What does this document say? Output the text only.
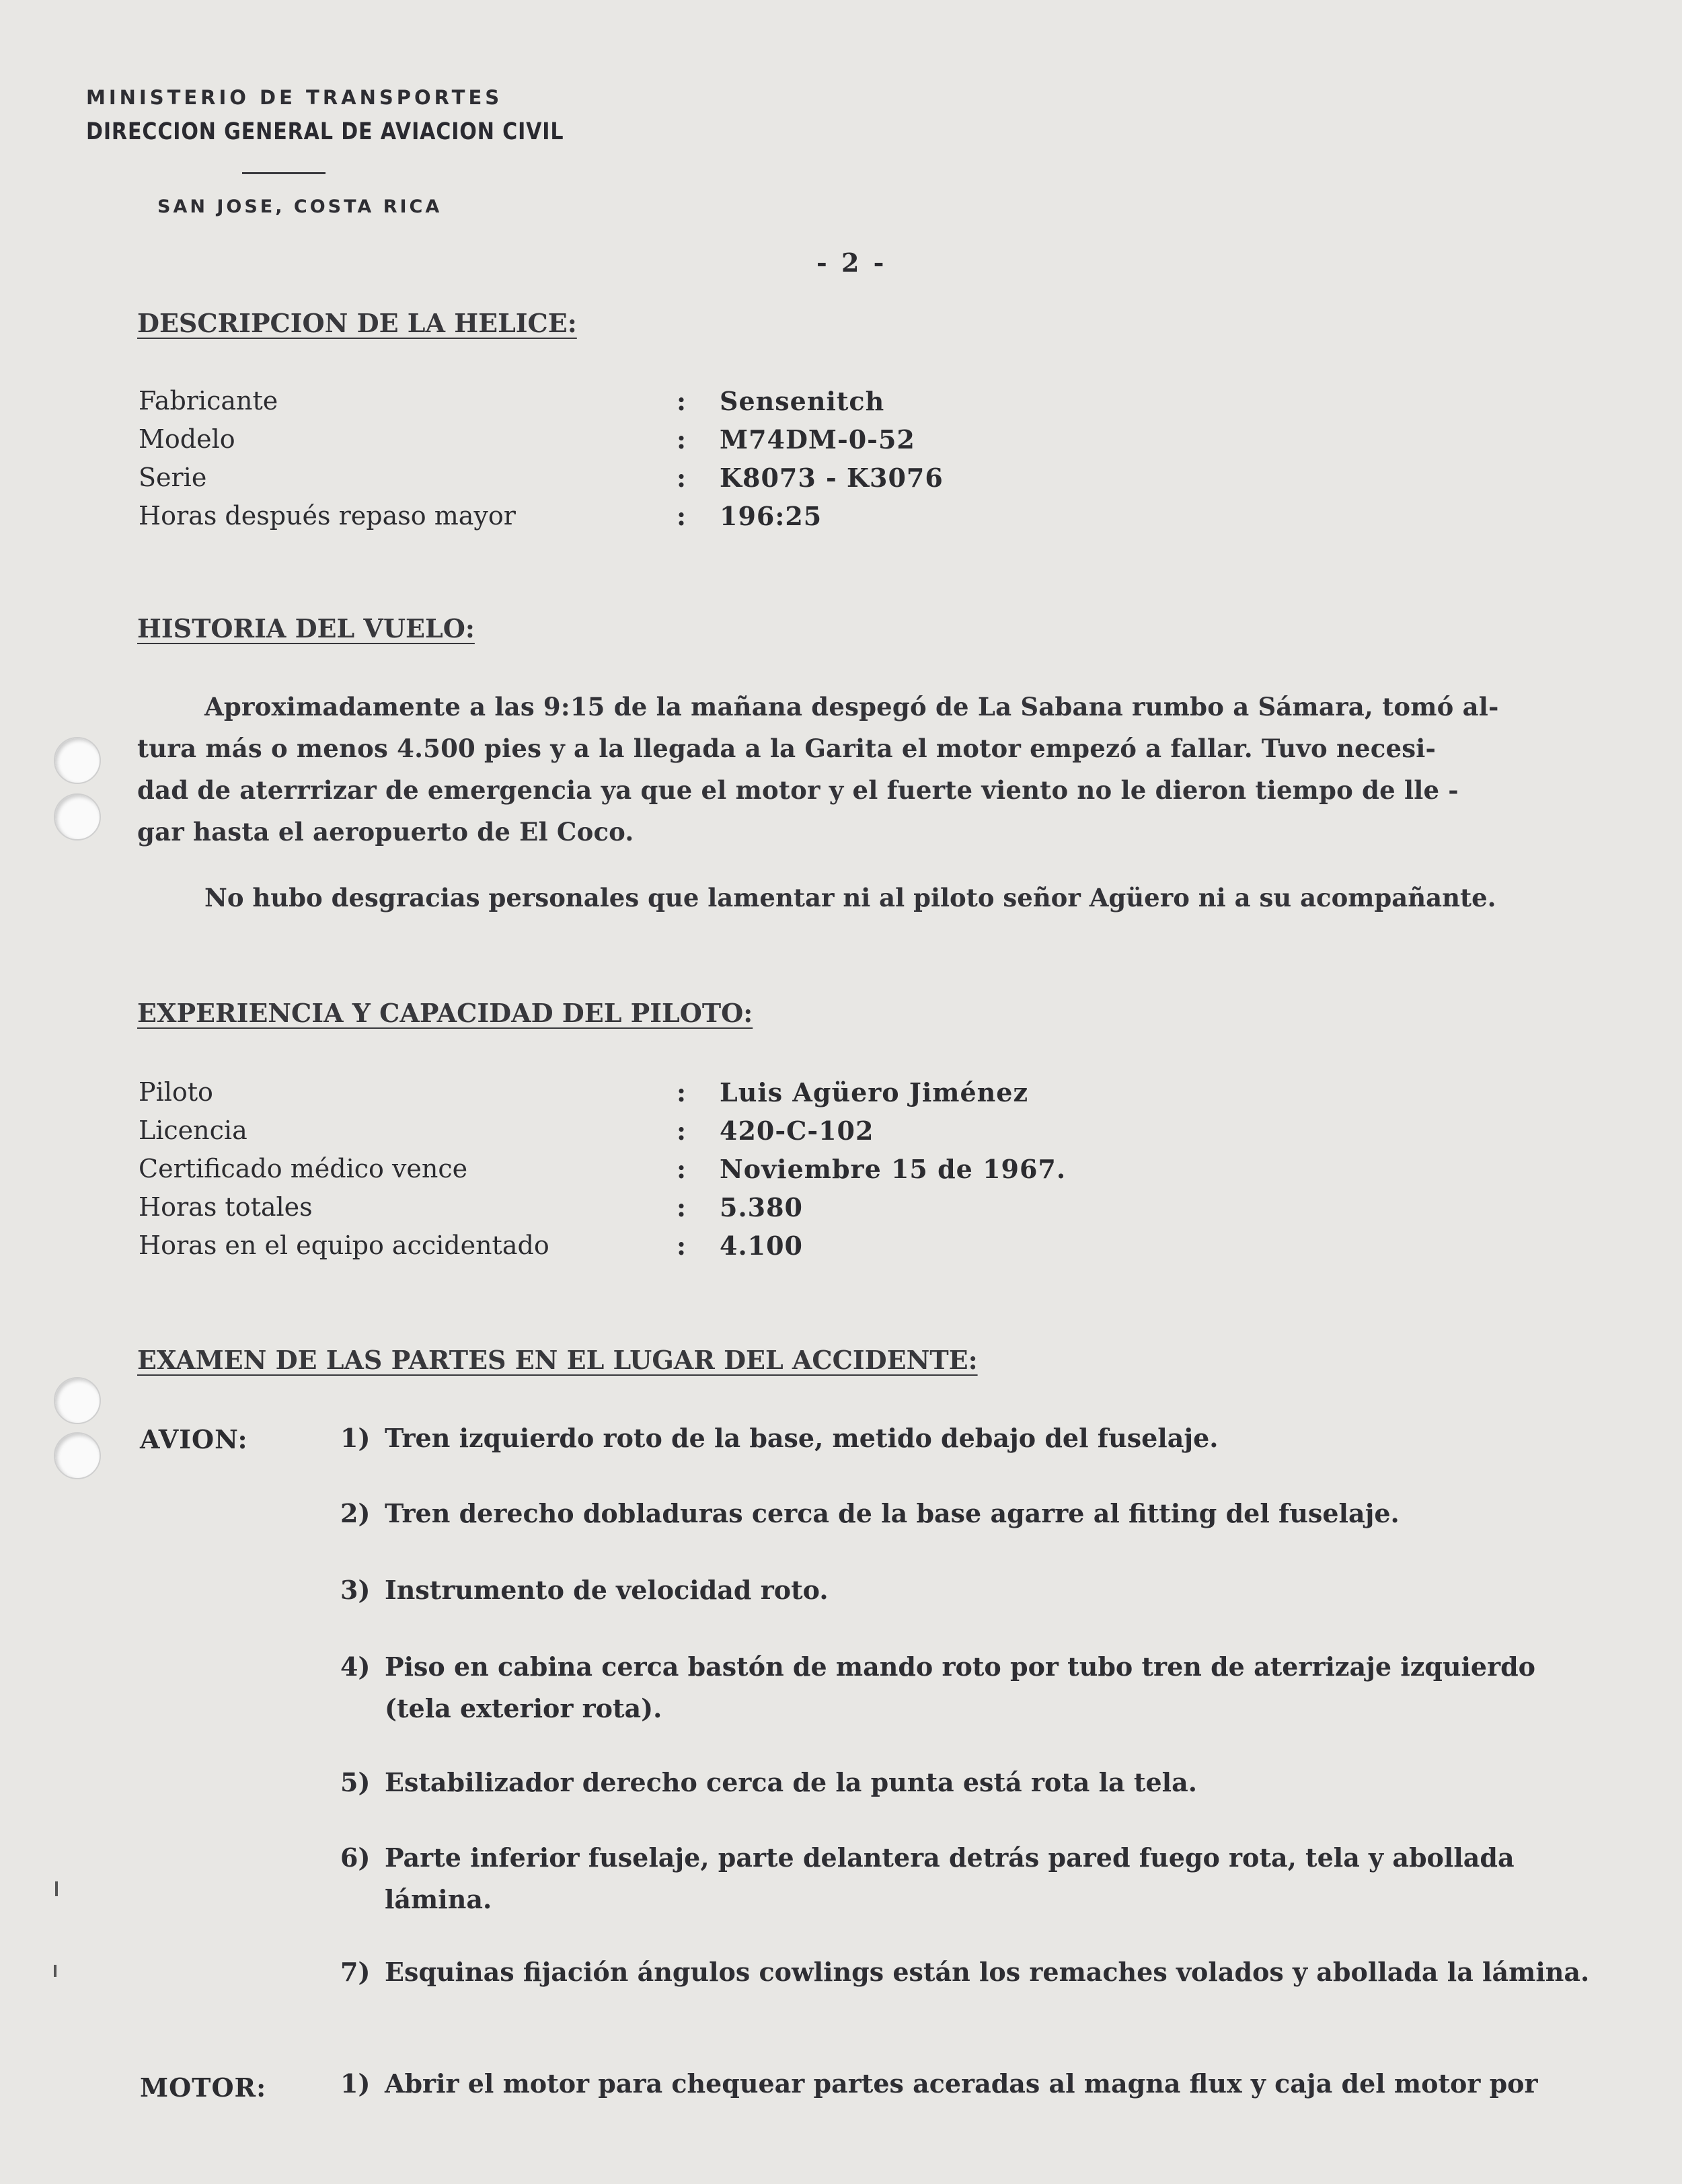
MINISTERIO DE TRANSPORTES
DIRECCION GENERAL DE AVIACION CIVIL
SAN JOSE, COSTA RICA
- 2 -
DESCRIPCION DE LA HELICE:
Fabricante	: Sensenitch
Modelo	: M74DM-0-52
Serie	: K8073 - K3076
Horas después repaso mayor	: 196:25
HISTORIA DEL VUELO:
Aproximadamente a las 9:15 de la mañana despegó de La Sabana rumbo a Sámara, tomó al-
tura más o menos 4.500 pies y a la llegada a la Garita el motor empezó a fallar. Tuvo necesi-
dad de aterrrizar de emergencia ya que el motor y el fuerte viento no le dieron tiempo de lle -
gar hasta el aeropuerto de El Coco.
No hubo desgracias personales que lamentar ni al piloto señor Agüero ni a su acompañante.
EXPERIENCIA Y CAPACIDAD DEL PILOTO:
Piloto	: Luis Agüero Jiménez
Licencia	: 420-C-102
Certificado médico vence	: Noviembre 15 de 1967.
Horas totales	: 5.380
Horas en el equipo accidentado	: 4.100
EXAMEN DE LAS PARTES EN EL LUGAR DEL ACCIDENTE:
AVION:	1) Tren izquierdo roto de la base, metido debajo del fuselaje.
2) Tren derecho dobladuras cerca de la base agarre al fitting del fuselaje.
3) Instrumento de velocidad roto.
4) Piso en cabina cerca bastón de mando roto por tubo tren de aterrizaje izquierdo
(tela exterior rota).
5) Estabilizador derecho cerca de la punta está rota la tela.
6) Parte inferior fuselaje, parte delantera detrás pared fuego rota, tela y abollada
lámina.
7) Esquinas fijación ángulos cowlings están los remaches volados y abollada la lámina.
MOTOR:	1) Abrir el motor para chequear partes aceradas al magna flux y caja del motor por
